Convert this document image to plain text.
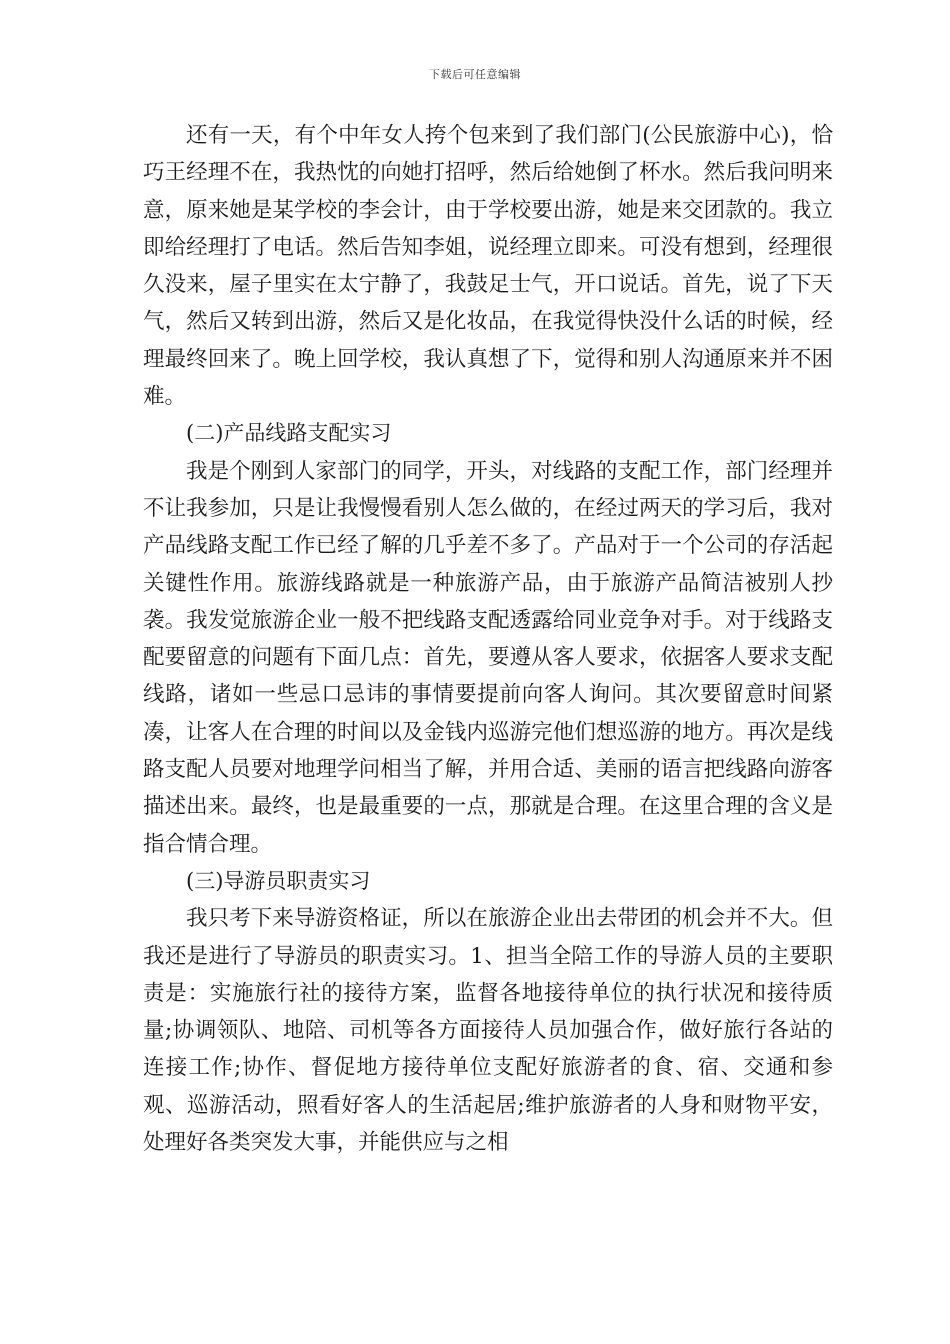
下载后可任意编辑

还有一天，有个中年女人挎个包来到了我们部门(公民旅游中心)，恰巧王经理不在，我热忱的向她打招呼，然后给她倒了杯水。然后我问明来意，原来她是某学校的李会计，由于学校要出游，她是来交团款的。我立即给经理打了电话。然后告知李姐，说经理立即来。可没有想到，经理很久没来，屋子里实在太宁静了，我鼓足士气，开口说话。首先，说了下天气，然后又转到出游，然后又是化妆品，在我觉得快没什么话的时候，经理最终回来了。晚上回学校，我认真想了下，觉得和别人沟通原来并不困难。

(二)产品线路支配实习

我是个刚到人家部门的同学，开头，对线路的支配工作，部门经理并不让我参加，只是让我慢慢看别人怎么做的，在经过两天的学习后，我对产品线路支配工作已经了解的几乎差不多了。产品对于一个公司的存活起关键性作用。旅游线路就是一种旅游产品，由于旅游产品简洁被别人抄袭。我发觉旅游企业一般不把线路支配透露给同业竞争对手。对于线路支配要留意的问题有下面几点：首先，要遵从客人要求，依据客人要求支配线路，诸如一些忌口忌讳的事情要提前向客人询问。其次要留意时间紧凑，让客人在合理的时间以及金钱内巡游完他们想巡游的地方。再次是线路支配人员要对地理学问相当了解，并用合适、美丽的语言把线路向游客描述出来。最终，也是最重要的一点，那就是合理。在这里合理的含义是指合情合理。

(三)导游员职责实习

我只考下来导游资格证，所以在旅游企业出去带团的机会并不大。但我还是进行了导游员的职责实习。1、担当全陪工作的导游人员的主要职责是：实施旅行社的接待方案，监督各地接待单位的执行状况和接待质量;协调领队、地陪、司机等各方面接待人员加强合作，做好旅行各站的连接工作;协作、督促地方接待单位支配好旅游者的食、宿、交通和参观、巡游活动，照看好客人的生活起居;维护旅游者的人身和财物平安，处理好各类突发大事，并能供应与之相
